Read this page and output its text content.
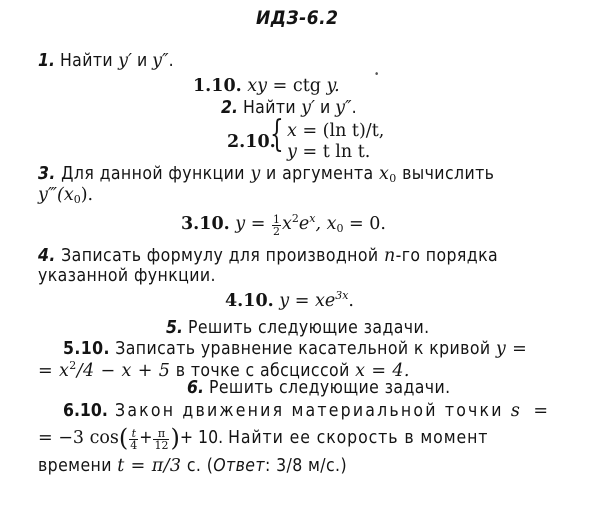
ИДЗ-6.2
1. Найти y′ и y″.
1.10. xy = ctg y.
•
2. Найти y′ и y″.
2.10.
{ x = (ln t)/t,
y = t ln t.
3. Для данной функции y и аргумента $x_0$ вычислить
$y‴(x_0)$.
3.10. $y = \frac{1}{2} x^2e^x$, $x_0 = 0$.
4. Записать формулу для производной n-го порядка
указанной функции.
4.10. $y = xe^{3x}$.
5. Решить следующие задачи.
5.10. Записать уравнение касательной к кривой y =
= $x^2/4 - x + 5$ в точке с абсциссой x = 4.
6. Решить следующие задачи.
6.10. Закон движения материальной точки s =
= −3 $\cos( \frac{t}{4} + \frac{\pi}{12}$ )+ 10. Найти ее скорость в момент
времени t = π/3 с. (Ответ: 3/8 м/с.)
